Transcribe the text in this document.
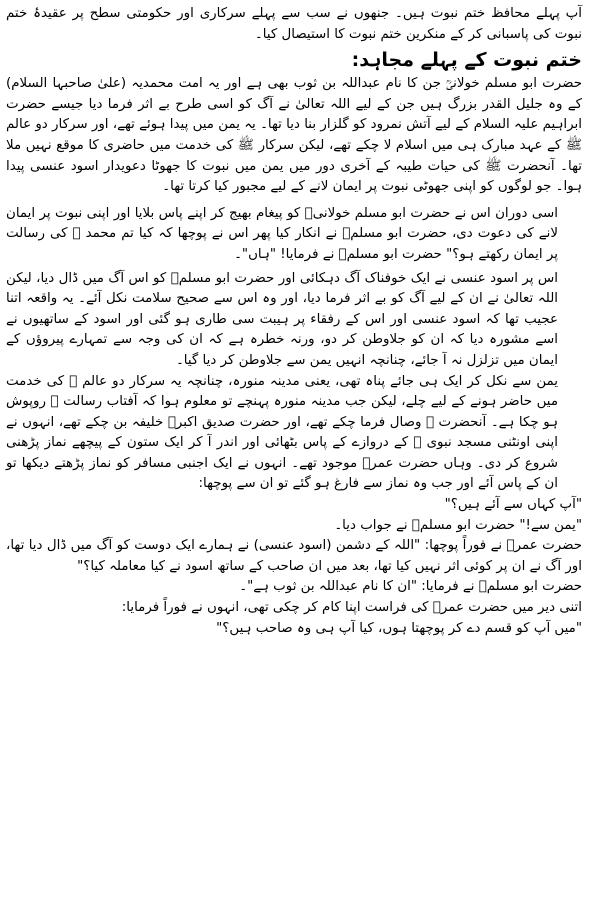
آپ پہلے محافظ ختم نبوت ہیں۔ جنھوں نے سب سے پہلے سرکاری اور حکومتی سطح پر عقیدۂ ختم نبوت کی پاسبانی کر کے منکرین ختم نبوت کا استیصال کیا۔

ختم نبوت کے پہلے مجاہد:

حضرت ابو مسلم خولانیؒ جن کا نام عبداللہ بن ثوب بھی ہے اور یہ امت محمدیہ (علیٰ صاحبہا السلام) کے وہ جلیل القدر بزرگ ہیں جن کے لیے اللہ تعالیٰ نے آگ کو اسی طرح بے اثر فرما دیا جیسے حضرت ابراہیم علیہ السلام کے لیے آتش نمرود کو گلزار بنا دیا تھا۔ یہ یمن میں پیدا ہوئے تھے، اور سرکار دو عالم ﷺ کے عہد مبارک ہی میں اسلام لا چکے تھے، لیکن سرکار ﷺ کی خدمت میں حاضری کا موقع نہیں ملا تھا۔ آنحضرت ﷺ کی حیات طیبہ کے آخری دور میں یمن میں نبوت کا جھوٹا دعویدار اسود عنسی پیدا ہوا۔ جو لوگوں کو اپنی جھوٹی نبوت پر ایمان لانے کے لیے مجبور کیا کرتا تھا۔

اسی دوران اس نے حضرت ابو مسلم خولانیؒ کو پیغام بھیج کر اپنے پاس بلایا اور اپنی نبوت پر ایمان لانے کی دعوت دی، حضرت ابو مسلمؒ نے انکار کیا پھر اس نے پوچھا کہ کیا تم محمد ﷺ کی رسالت پر ایمان رکھتے ہو؟" حضرت ابو مسلمؒ نے فرمایا! "ہاں"۔

اس پر اسود عنسی نے ایک خوفناک آگ دہکائی اور حضرت ابو مسلمؒ کو اس آگ میں ڈال دیا، لیکن اللہ تعالیٰ نے ان کے لیے آگ کو بے اثر فرما دیا، اور وہ اس سے صحیح سلامت نکل آئے۔ یہ واقعہ اتنا عجیب تھا کہ اسود عنسی اور اس کے رفقاء پر ہیبت سی طاری ہو گئی اور اسود کے ساتھیوں نے اسے مشورہ دیا کہ ان کو جلاوطن کر دو، ورنہ خطرہ ہے کہ ان کی وجہ سے تمہارے پیروؤں کے ایمان میں تزلزل نہ آ جائے، چنانچہ انہیں یمن سے جلاوطن کر دیا گیا۔

یمن سے نکل کر ایک ہی جائے پناہ تھی، یعنی مدینہ منورہ، چنانچہ یہ سرکار دو عالم ﷺ کی خدمت میں حاضر ہونے کے لیے چلے، لیکن جب مدینہ منورہ پہنچے تو معلوم ہوا کہ آفتاب رسالت ﷺ روپوش ہو چکا ہے۔ آنحضرت ﷺ وصال فرما چکے تھے، اور حضرت صدیق اکبرؓ خلیفہ بن چکے تھے، انہوں نے اپنی اونٹنی مسجد نبوی ﷺ کے دروازے کے پاس بٹھائی اور اندر آ کر ایک ستون کے پیچھے نماز پڑھنی شروع کر دی۔ وہاں حضرت عمرؓ موجود تھے۔ انہوں نے ایک اجنبی مسافر کو نماز پڑھتے دیکھا تو ان کے پاس آئے اور جب وہ نماز سے فارغ ہو گئے تو ان سے پوچھا:

"آپ کہاں سے آئے ہیں؟"

"یمن سے!" حضرت ابو مسلمؒ نے جواب دیا۔

حضرت عمرؓ نے فوراً پوچھا: "اللہ کے دشمن (اسود عنسی) نے ہمارے ایک دوست کو آگ میں ڈال دیا تھا، اور آگ نے ان پر کوئی اثر نہیں کیا تھا، بعد میں ان صاحب کے ساتھ اسود نے کیا معاملہ کیا؟"

حضرت ابو مسلمؒ نے فرمایا: "ان کا نام عبداللہ بن ثوب ہے"۔

اتنی دیر میں حضرت عمرؓ کی فراست اپنا کام کر چکی تھی، انہوں نے فوراً فرمایا:

"میں آپ کو قسم دے کر پوچھتا ہوں، کیا آپ ہی وہ صاحب ہیں؟"
